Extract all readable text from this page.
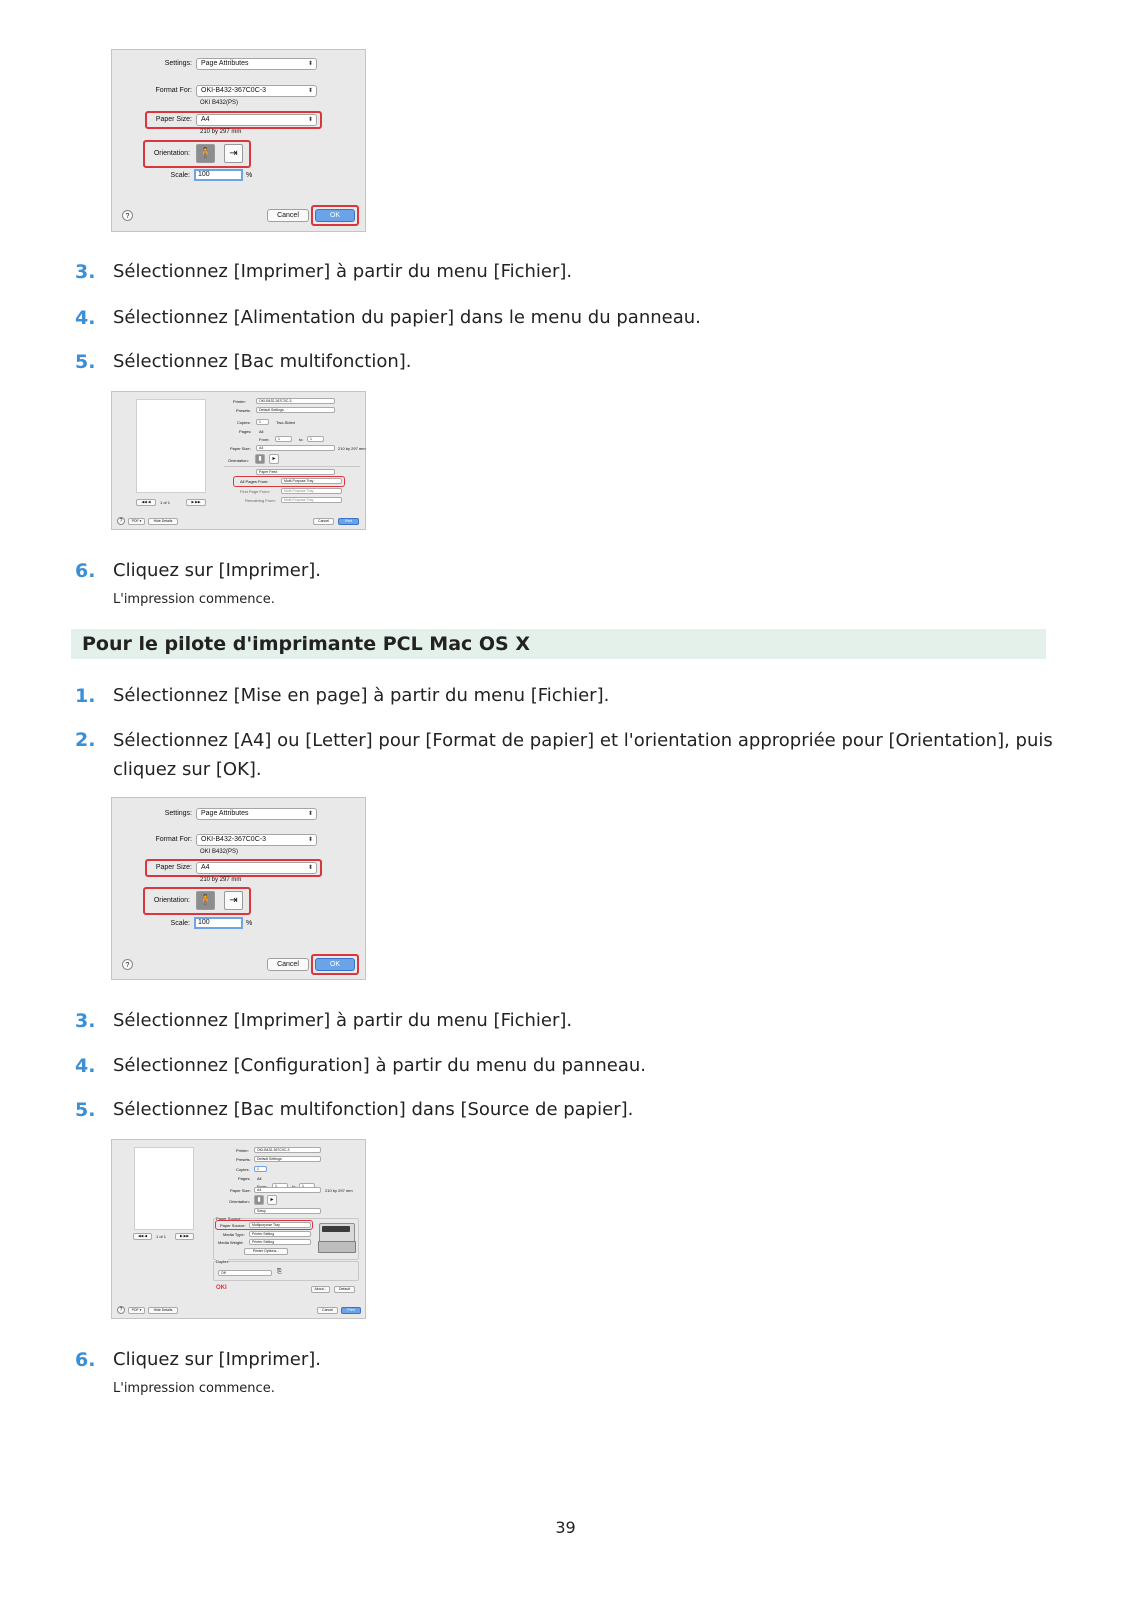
Settings:	Page Attributes	⬍
Format For:	OKI-B432-367C0C-3	⬍
OKI B432(PS)
Paper Size:	A4	⬍
210 by 297 mm
Orientation: 🧍	⇥
Scale:	100	%
?	Cancel	OK
3. Sélectionnez [Imprimer] à partir du menu [Fichier].
4. Sélectionnez [Alimentation du papier] dans le menu du panneau.
5. Sélectionnez [Bac multifonction].
1 of 1
◀◀ ◀	▶ ▶▶
Printer:	OKI-B432-367C0C-3
Presets:	Default Settings
Copies:	1	Two-Sided
Pages: All
From:	1	to:	1
Paper Size:	A4	210 by 297 mm
Orientation:	▮	▸
Paper Feed
All Pages From:	Multi-Purpose Tray
First Page From:	Multi-Purpose Tray
Remaining From:	Multi-Purpose Tray
?	PDF ▾	Hide Details	Cancel	Print
6. Cliquez sur [Imprimer].
L'impression commence.
Pour le pilote d'imprimante PCL Mac OS X
1. Sélectionnez [Mise en page] à partir du menu [Fichier].
2. Sélectionnez [A4] ou [Letter] pour [Format de papier] et l'orientation appropriée pour [Orientation], puis cliquez sur [OK].
Settings:	Page Attributes	⬍
Format For:	OKI-B432-367C0C-3	⬍
OKI B432(PS)
Paper Size:	A4	⬍
210 by 297 mm
Orientation: 🧍	⇥
Scale:	100	%
?	Cancel	OK
3. Sélectionnez [Imprimer] à partir du menu [Fichier].
4. Sélectionnez [Configuration] à partir du menu du panneau.
5. Sélectionnez [Bac multifonction] dans [Source de papier].
◀◀ ◀	1 of 1	▶ ▶▶
Printer:	OKI-B432-367C0C-3
Presets:	Default Settings
Copies:	1
Pages: All
1	1
Paper Size:	A4	210 by 297 mm
Orientation:	▮	▸
Setup
Paper Source
Paper Source:	Multipurpose Tray
Media Type:	Printer Setting
Media Weight:	Printer Setting
Printer Options...
Duplex
Off	⎘
OKI	About...	Default
?	PDF ▾	Hide Details	Cancel	Print
6. Cliquez sur [Imprimer].
L'impression commence.
39
